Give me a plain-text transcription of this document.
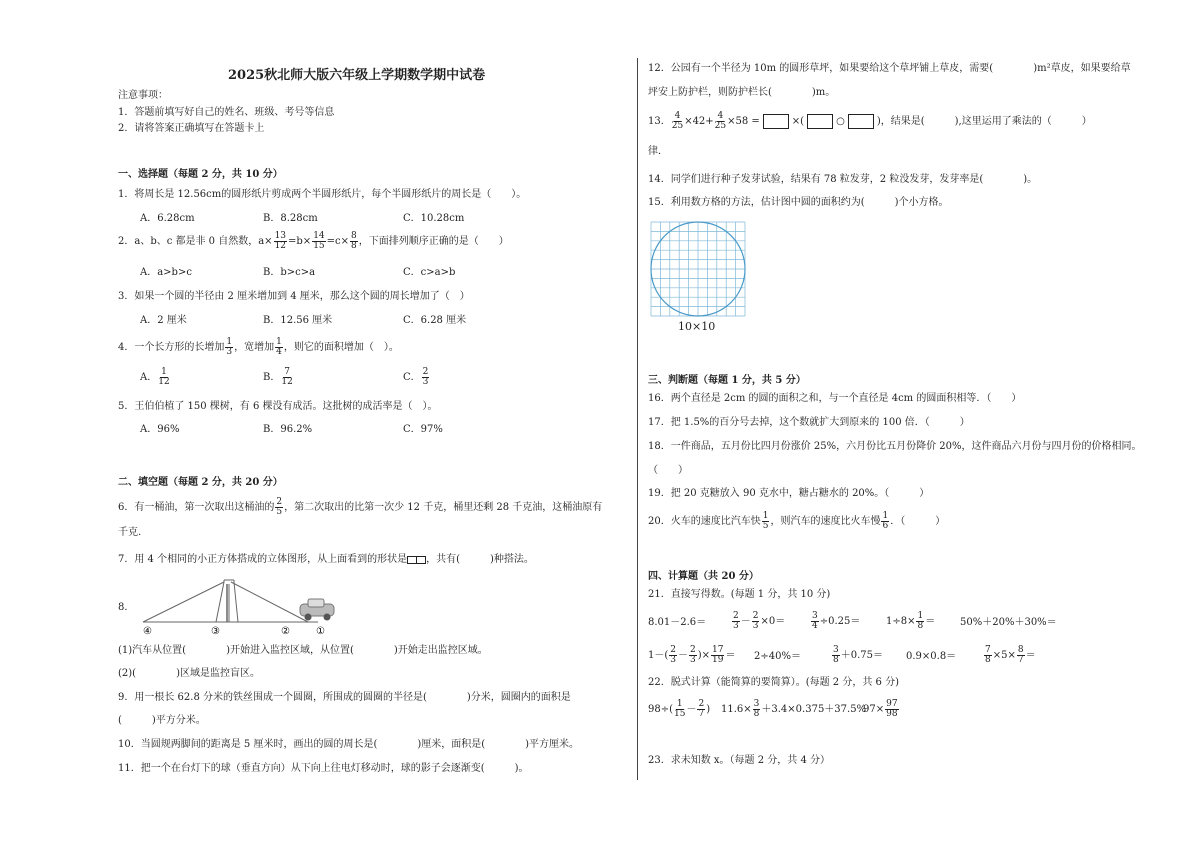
2025秋北师大版六年级上学期数学期中试卷
注意事项：
1．答题前填写好自己的姓名、班级、考号等信息
2．请将答案正确填写在答题卡上
一、选择题（每题 2 分，共 10 分）
1．将周长是 12.56cm的圆形纸片剪成两个半圆形纸片，每个半圆形纸片的周长是（　　）。
A．6.28cm	B．8.28cm	C．10.28cm
2．a、b、c 都是非 0 自然数，$a\times \frac{13}{12} =b\times \frac{14}{15} =c\times \frac{8}{8}$ ，下面排列顺序正确的是（　　）
A．a>b>c	B．b>c>a	C．c>a>b
3．如果一个圆的半径由 2 厘米增加到 4 厘米，那么这个圆的周长增加了（　）
A．2 厘米	B．12.56 厘米	C．6.28 厘米
4．一个长方形的长增加 $\frac{1}{3}$ ，宽增加 $\frac{1}{4}$ ，则它的面积增加（　）。
A． $\frac{1}{12}$	B． $\frac{7}{12}$	C． $\frac{2}{3}$
5．王伯伯植了 150 棵树，有 6 棵没有成活。这批树的成活率是（　）。
A．96%	B．96.2%	C．97%
二、填空题（每题 2 分，共 20 分）
6．有一桶油，第一次取出这桶油的 $\frac{2}{5}$ ，第二次取出的比第一次少 12 千克，桶里还剩 28 千克油，这桶油原有
千克.
7．用 4 个相同的小正方体搭成的立体图形，从上面看到的形状是 ，共有(　　　)种搭法。
8．
④	③	②	①
(1)汽车从位置(　　　　)开始进入监控区域，从位置(　　　　)开始走出监控区域。
(2)(　　　　)区域是监控盲区。
9．用一根长 62.8 分米的铁丝围成一个圆圈，所围成的圆圈的半径是(　　　　)分米，圆圈内的面积是
(　　　)平方分米。
10．当圆规两脚间的距离是 5 厘米时，画出的圆的周长是(　　　　)厘米，面积是(　　　　)平方厘米。
11．把一个在台灯下的球（垂直方向）从下向上往电灯移动时，球的影子会逐渐变(　　　)。
12．公园有一个半径为 10m 的圆形草坪，如果要给这个草坪铺上草皮，需要(　　　　)m²草皮，如果要给草
坪安上防护栏，则防护栏长(　　　　)m。
13． $\frac{4}{25} \times 42+ \frac{4}{25} \times 58$ =	×(	○	)，结果是(　　　),这里运用了乘法的（　　　）
律．
14．同学们进行种子发芽试验，结果有 78 粒发芽，2 粒没发芽，发芽率是(　　　　)。
15．利用数方格的方法，估计图中圆的面积约为(　　　)个小方格。
10×10
三、判断题（每题 1 分，共 5 分）
16．两个直径是 2cm 的圆的面积之和，与一个直径是 4cm 的圆面积相等．（　　）
17．把 1.5%的百分号去掉，这个数就扩大到原来的 100 倍．（　　　）
18．一件商品，五月份比四月份涨价 25%，六月份比五月份降价 20%，这件商品六月份与四月份的价格相同。
（　　）
19．把 20 克糖放入 90 克水中，糖占糖水的 20%。（　　　）
20．火车的速度比汽车快 $\frac{1}{5}$ ，则汽车的速度比火车慢 $\frac{1}{6}$ ．（　　　）
四、计算题（共 20 分）
21．直接写得数。(每题 1 分，共 10 分)
8.01－2.6＝	$\frac{2}{3} - \frac{2}{3} \times 0=$	$\frac{3}{4} \div 0.25=$	$1\div 8\times \frac{1}{8} = 50\%+20\%+30\%=$
$1-( \frac{2}{3} - \frac{2}{3}$ )× $\frac{17}{19} = 2\div 40\%=$	$\frac{3}{8} +0.75= 0.9\times 0.8=$	$\frac{7}{8} \times 5\times \frac{8}{7}$ ＝
22．脱式计算（能简算的要简算）。(每题 2 分，共 6 分)
$98\div( \frac{1}{15} - \frac{2}{7}$ ) $11.6\times \frac{3}{8} +3.4\times 0.375+37.5\%$
$97\times \frac{97}{98}$
23．求未知数 x。（每题 2 分，共 4 分）
